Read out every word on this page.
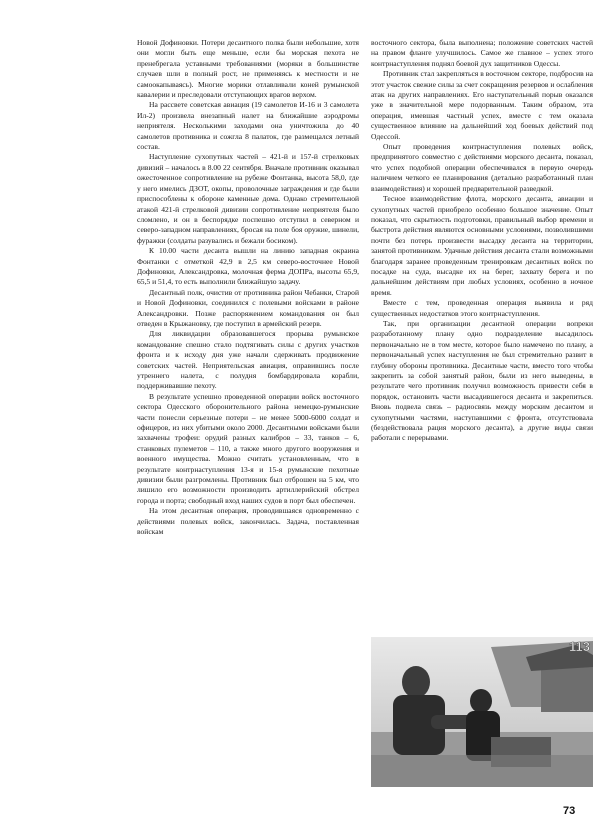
Новой Дофиновки. Потери десантного полка были небольшие, хотя они могли быть еще меньше, если бы морская пехота не пренебрегала уставными требованиями (моряки в большинстве случаев шли в полный рост, не применяясь к местности и не самоокапываясь). Многие морики отлавливали коней румынской кавалерии и преследовали отступающих врагов верхом.

На рассвете советская авиация (19 самолетов И-16 и 3 самолета Ил-2) произвела внезапный налет на ближайшие аэродромы неприятеля. Несколькими заходами она уничтожила до 40 самолетов противника и сожгла 8 палаток, где размещался летный состав.

Наступление сухопутных частей – 421-й и 157-й стрелковых дивизий – началось в 8.00 22 сентября. Вначале противник оказывал ожесточенное сопротивление на рубеже Фонтанка, высота 58,0, где у него имелись ДЗОТ, окопы, проволочные заграждения и где были приспособлены к обороне каменные дома. Однако стремительной атакой 421-й стрелковой дивизии сопротивление неприятеля было сломлено, и он в беспорядке поспешно отступил в северном и северо-западном направлениях, бросая на поле боя оружие, шинели, фуражки (солдаты разувались и бежали босиком).

К 10.00 части десанта вышли на линию западная окраина Фонтанки с отметкой 42,9 в 2,5 км северо-восточнее Новой Дофиновки, Александровка, молочная ферма ДОПРа, высоты 65,9, 65,5 и 51,4, то есть выполнили ближайшую задачу.

Десантный полк, очистив от противника район Чебанки, Старой и Новой Дофиновки, соединился с полевыми войсками в районе Александровки. Позже распоряжением командования он был отведен в Крыжановку, где поступил в армейский резерв.

Для ликвидации образовавшегося прорыва румынское командование спешно стало подтягивать силы с других участков фронта и к исходу дня уже начали сдерживать продвижение советских частей. Неприятельская авиация, оправившись после утреннего налета, с полудня бомбардировала корабли, поддерживавшие пехоту.

В результате успешно проведенной операции войск восточного сектора Одесского оборонительного района немецко-румынские части понесли серьезные потери – не менее 5000-6000 солдат и офицеров, из них убитыми около 2000. Десантными войсками были захвачены трофеи: орудий разных калибров – 33, танков – 6, станковых пулеметов – 110, а также много другого вооружения и военного имущества. Можно считать установленным, что в результате контрнаступления 13-я и 15-я румынские пехотные дивизии были разгромлены. Противник был отброшен на 5 км, что лишило его возможности производить артиллерийский обстрел города и порта; свободный вход наших судов в порт был обеспечен.

На этом десантная операция, проводившаяся одновременно с действиями полевых войск, закончилась. Задача, поставленная войскам

восточного сектора, была выполнена; положение советских частей на правом фланге улучшилось. Самое же главное – успех этого контрнаступления поднял боевой дух защитников Одессы.

Противник стал закрепляться в восточном секторе, подбросив на этот участок свежие силы за счет сокращения резервов и ослабления атак на других направлениях. Его наступательный порыв оказался уже в значительной мере подорванным. Таким образом, эта операция, имевшая частный успех, вместе с тем оказала существенное влияние на дальнейший ход боевых действий под Одессой.

Опыт проведения контрнаступления полевых войск, предпринятого совместно с действиями морского десанта, показал, что успех подобной операции обеспечивался в первую очередь наличием четкого ее планирования (детально разработанный план взаимодействия) и хорошей предварительной разведкой.

Тесное взаимодействие флота, морского десанта, авиации и сухопутных частей приобрело особенно большое значение. Опыт показал, что скрытность подготовки, правильный выбор времени и быстрота действия являются основными условиями, позволившими почти без потерь произвести высадку десанта на территории, занятой противником. Удачные действия десанта стали возможными благодаря заранее проведенным тренировкам десантных войск по посадке на суда, высадке их на берег, захвату берега и по дальнейшим действиям при любых условиях, особенно в ночное время.

Вместе с тем, проведенная операция выявила и ряд существенных недостатков этого контрнаступления.

Так, при организации десантной операции вопреки разработанному плану одно подразделение высадилось первоначально не в том месте, которое было намечено по плану, а первоначальный успех наступления не был стремительно развит в глубину обороны противника. Десантные части, вместо того чтобы закрепить за собой занятый район, были из него выведены, в результате чего противник получил возможность привести себя в порядок, остановить части высадившегося десанта и закрепиться. Вновь подвела связь – радиосвязь между морским десантом и сухопутными частями, наступавшими с фронта, отсутствовала (бездействовала рация морского десанта), а другие виды связи работали с перерывами.

113
73
